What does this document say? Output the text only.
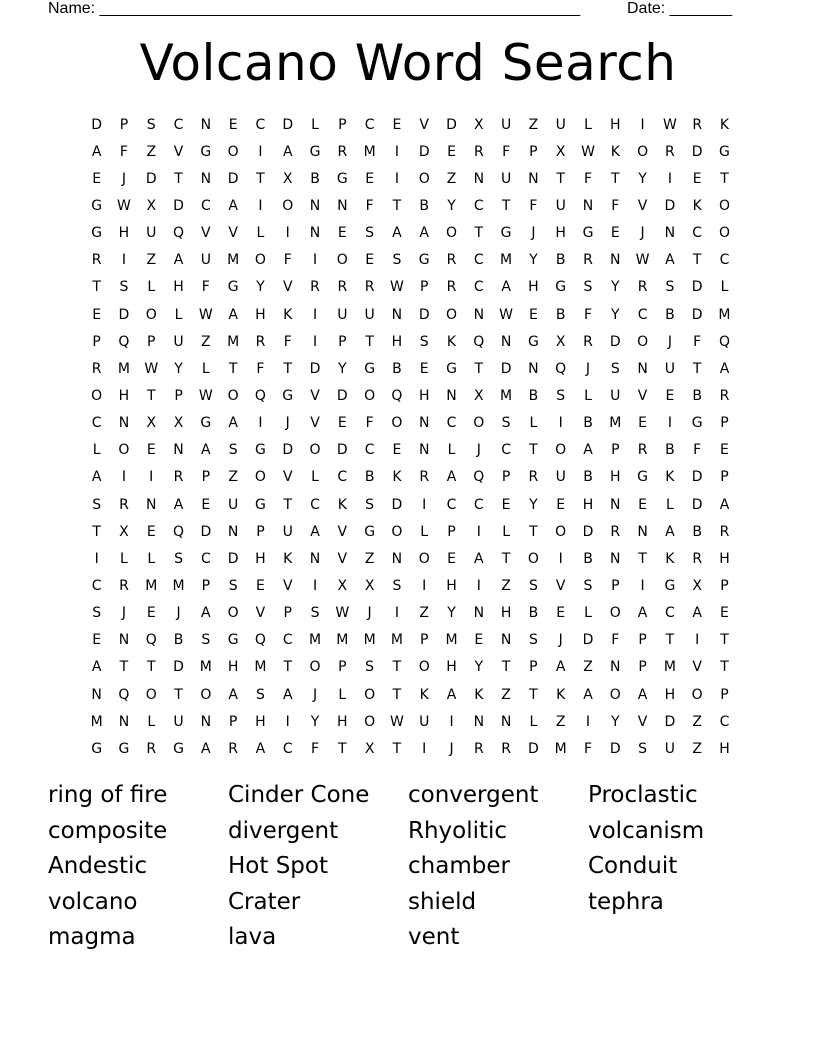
Name: ______________________________________________________	Date: _______
Volcano Word Search
D	P	S	C	N	E	C	D	L	P	C	E	V	D	X	U	Z	U	L	H	I	W	R	K
A	F	Z	V	G	O	I	A	G	R	M	I	D	E	R	F	P	X	W	K	O	R	D	G
E	J	D	T	N	D	T	X	B	G	E	I	O	Z	N	U	N	T	F	T	Y	I	E	T
G	W	X	D	C	A	I	O	N	N	F	T	B	Y	C	T	F	U	N	F	V	D	K	O
G	H	U	Q	V	V	L	I	N	E	S	A	A	O	T	G	J	H	G	E	J	N	C	O
R	I	Z	A	U	M	O	F	I	O	E	S	G	R	C	M	Y	B	R	N	W	A	T	C
T	S	L	H	F	G	Y	V	R	R	R	W	P	R	C	A	H	G	S	Y	R	S	D	L
E	D	O	L	W	A	H	K	I	U	U	N	D	O	N	W	E	B	F	Y	C	B	D	M
P	Q	P	U	Z	M	R	F	I	P	T	H	S	K	Q	N	G	X	R	D	O	J	F	Q
R	M	W	Y	L	T	F	T	D	Y	G	B	E	G	T	D	N	Q	J	S	N	U	T	A
O	H	T	P	W	O	Q	G	V	D	O	Q	H	N	X	M	B	S	L	U	V	E	B	R
C	N	X	X	G	A	I	J	V	E	F	O	N	C	O	S	L	I	B	M	E	I	G	P
L	O	E	N	A	S	G	D	O	D	C	E	N	L	J	C	T	O	A	P	R	B	F	E
A	I	I	R	P	Z	O	V	L	C	B	K	R	A	Q	P	R	U	B	H	G	K	D	P
S	R	N	A	E	U	G	T	C	K	S	D	I	C	C	E	Y	E	H	N	E	L	D	A
T	X	E	Q	D	N	P	U	A	V	G	O	L	P	I	L	T	O	D	R	N	A	B	R
I	L	L	S	C	D	H	K	N	V	Z	N	O	E	A	T	O	I	B	N	T	K	R	H
C	R	M	M	P	S	E	V	I	X	X	S	I	H	I	Z	S	V	S	P	I	G	X	P
S	J	E	J	A	O	V	P	S	W	J	I	Z	Y	N	H	B	E	L	O	A	C	A	E
E	N	Q	B	S	G	Q	C	M	M	M	M	P	M	E	N	S	J	D	F	P	T	I	T
A	T	T	D	M	H	M	T	O	P	S	T	O	H	Y	T	P	A	Z	N	P	M	V	T
N	Q	O	T	O	A	S	A	J	L	O	T	K	A	K	Z	T	K	A	O	A	H	O	P
M	N	L	U	N	P	H	I	Y	H	O	W	U	I	N	N	L	Z	I	Y	V	D	Z	C
G	G	R	G	A	R	A	C	F	T	X	T	I	J	R	R	D	M	F	D	S	U	Z	H
ring of fire	Cinder Cone	convergent	Proclastic
composite	divergent	Rhyolitic	volcanism
Andestic	Hot Spot	chamber	Conduit
volcano	Crater	shield	tephra
magma	lava	vent
